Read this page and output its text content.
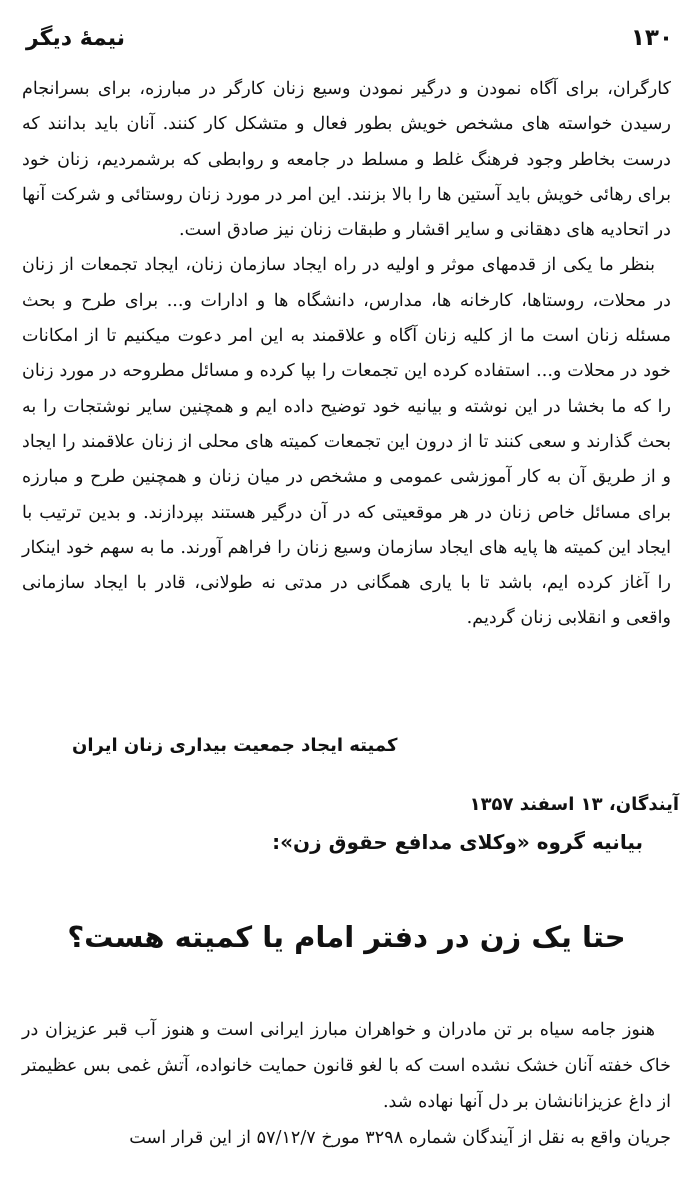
۱۳۰
نیمهٔ دیگر

کارگران، برای آگاه نمودن و درگیر نمودن وسیع زنان کارگر در مبارزه، برای بسرانجام رسیدن خواسته های مشخص خویش بطور فعال و متشکل کار کنند. آنان باید بدانند که درست بخاطر وجود فرهنگ غلط و مسلط در جامعه و روابطی که برشمردیم، زنان خود برای رهائی خویش باید آستین ها را بالا بزنند. این امر در مورد زنان روستائی و شرکت آنها در اتحادیه های دهقانی و سایر اقشار و طبقات زنان نیز صادق است.

بنظر ما یکی از قدمهای موثر و اولیه در راه ایجاد سازمان زنان، ایجاد تجمعات از زنان در محلات، روستاها، کارخانه ها، مدارس، دانشگاه ها و ادارات و... برای طرح و بحث مسئله زنان است ما از کلیه زنان آگاه و علاقمند به این امر دعوت میکنیم تا از امکانات خود در محلات و... استفاده کرده این تجمعات را بپا کرده و مسائل مطروحه در مورد زنان را که ما بخشا در این نوشته و بیانیه خود توضیح داده ایم و همچنین سایر نوشتجات را به بحث گذارند و سعی کنند تا از درون این تجمعات کمیته های محلی از زنان علاقمند را ایجاد و از طریق آن به کار آموزشی عمومی و مشخص در میان زنان و همچنین طرح و مبارزه برای مسائل خاص زنان در هر موقعیتی که در آن درگیر هستند بپردازند. و بدین ترتیب با ایجاد این کمیته ها پایه های ایجاد سازمان وسیع زنان را فراهم آورند. ما به سهم خود اینکار را آغاز کرده ایم، باشد تا با یاری همگانی در مدتی نه طولانی، قادر با ایجاد سازمانی واقعی و انقلابی زنان گردیم.

کمیته ایجاد جمعیت بیداری زنان ایران
آیندگان، ۱۳ اسفند ۱۳۵۷
بیانیه گروه «وکلای مدافع حقوق زن»:
حتا یک زن در دفتر امام یا کمیته هست؟

هنوز جامه سیاه بر تن مادران و خواهران مبارز ایرانی است و هنوز آب قبر عزیزان در خاک خفته آنان خشک نشده است که با لغو قانون حمایت خانواده، آتش غمی بس عظیمتر از داغ عزیزانانشان بر دل آنها نهاده شد.

جریان واقع به نقل از آیندگان شماره ۳۲۹۸ مورخ ۵۷/۱۲/۷ از این قرار است
